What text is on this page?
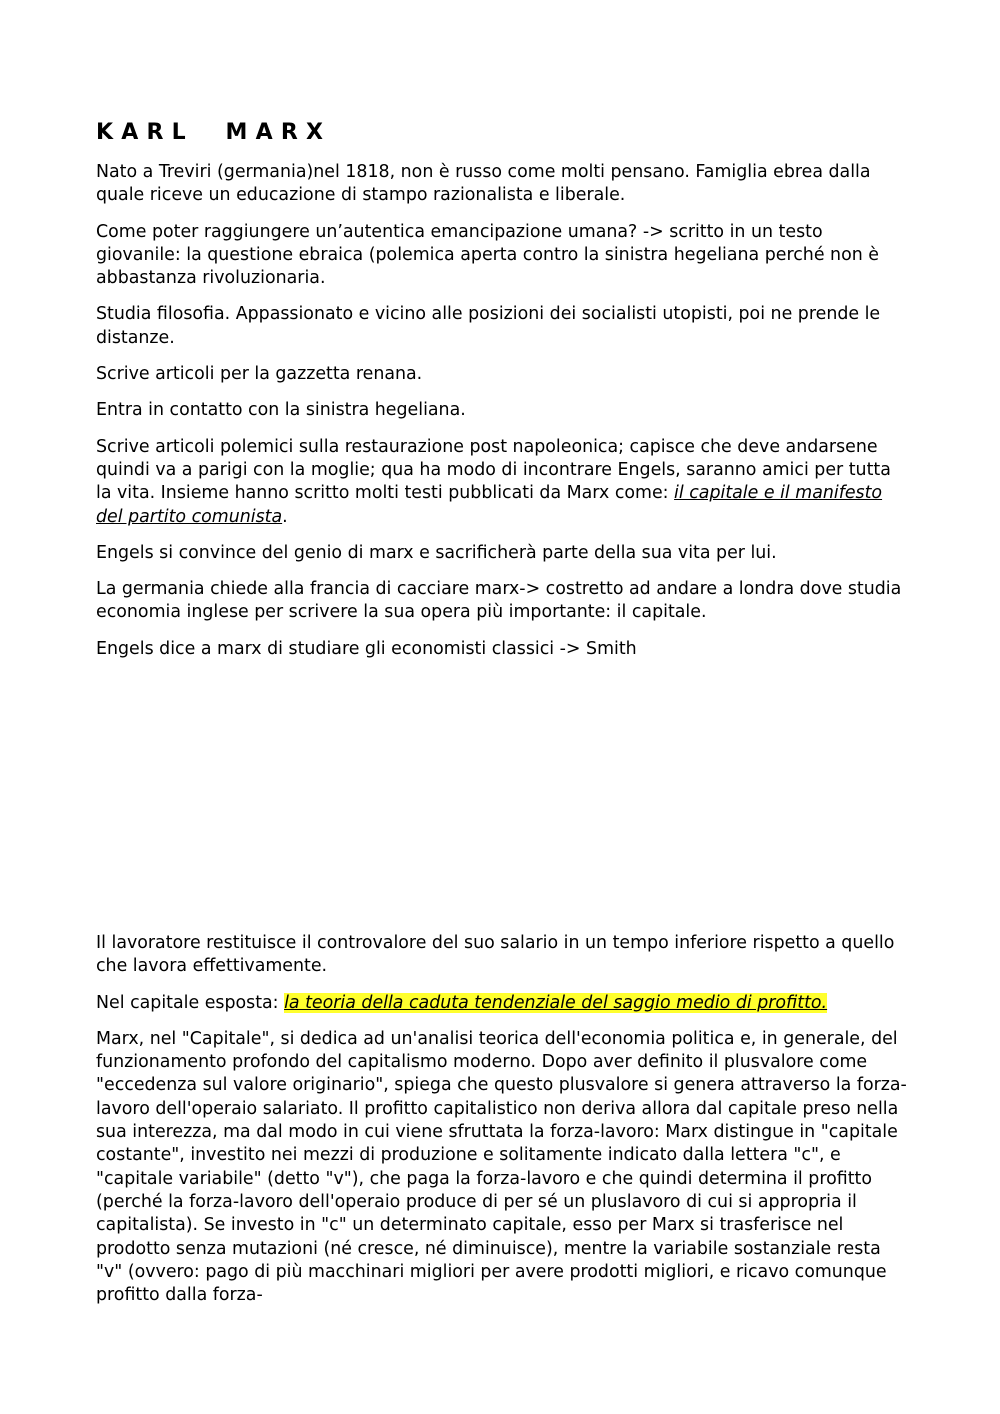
KARL  MARX

Nato a Treviri (germania)nel 1818, non è russo come molti pensano. Famiglia ebrea dalla quale riceve un educazione di stampo razionalista e liberale.

Come poter raggiungere un’autentica emancipazione umana? -> scritto in un testo giovanile: la questione ebraica (polemica aperta contro la sinistra hegeliana perché non è abbastanza rivoluzionaria.

Studia filosofia. Appassionato e vicino alle posizioni dei socialisti utopisti, poi ne prende le distanze.

Scrive articoli per la gazzetta renana.

Entra in contatto con la sinistra hegeliana.

Scrive articoli polemici sulla restaurazione post napoleonica; capisce che deve andarsene quindi va a parigi con la moglie; qua ha modo di incontrare Engels, saranno amici per tutta la vita. Insieme hanno scritto molti testi pubblicati da Marx come: il capitale e il manifesto del partito comunista.

Engels si convince del genio di marx e sacrificherà parte della sua vita per lui.

La germania chiede alla francia di cacciare marx-> costretto ad andare a londra dove studia economia inglese per scrivere la sua opera più importante: il capitale.

Engels dice a marx di studiare gli economisti classici -> Smith

Il lavoratore restituisce il controvalore del suo salario in un tempo inferiore rispetto a quello che lavora effettivamente.

Nel capitale esposta: la teoria della caduta tendenziale del saggio medio di profitto.

Marx, nel "Capitale", si dedica ad un'analisi teorica dell'economia politica e, in generale, del funzionamento profondo del capitalismo moderno. Dopo aver definito il plusvalore come "eccedenza sul valore originario", spiega che questo plusvalore si genera attraverso la forza-lavoro dell'operaio salariato. Il profitto capitalistico non deriva allora dal capitale preso nella sua interezza, ma dal modo in cui viene sfruttata la forza-lavoro: Marx distingue in "capitale costante", investito nei mezzi di produzione e solitamente indicato dalla lettera "c", e "capitale variabile" (detto "v"), che paga la forza-lavoro e che quindi determina il profitto (perché la forza-lavoro dell'operaio produce di per sé un pluslavoro di cui si appropria il capitalista). Se investo in "c" un determinato capitale, esso per Marx si trasferisce nel prodotto senza mutazioni (né cresce, né diminuisce), mentre la variabile sostanziale resta "v" (ovvero: pago di più macchinari migliori per avere prodotti migliori, e ricavo comunque profitto dalla forza-
